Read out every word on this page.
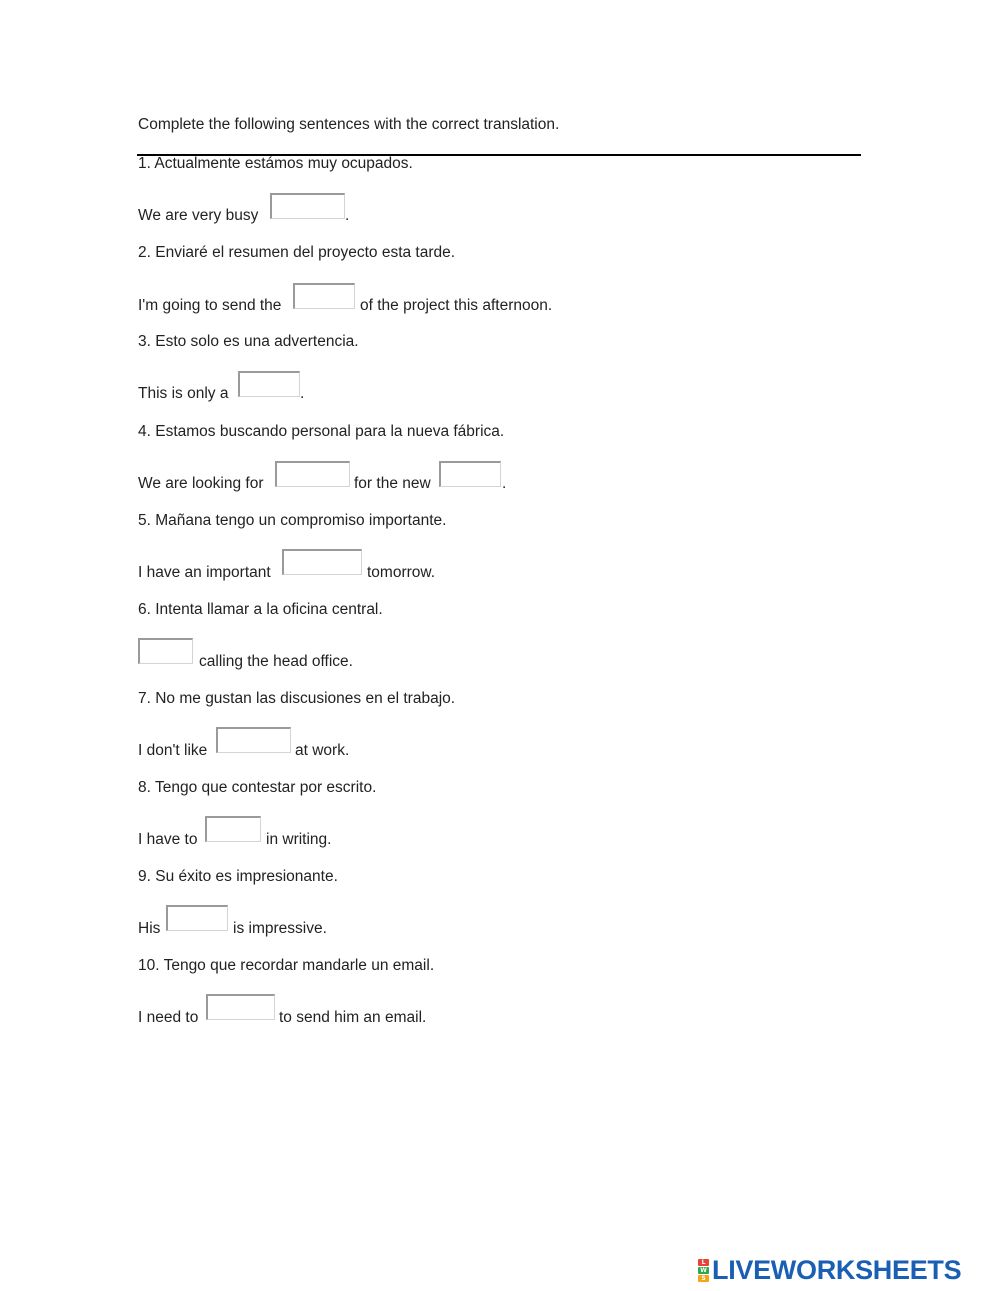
Complete the following sentences with the correct translation.
1. Actualmente estámos muy ocupados.
We are very busy	.
2. Enviaré el resumen del proyecto esta tarde.
I'm going to send the	of the project this afternoon.
3. Esto solo es una advertencia.
This is only a	.
4. Estamos buscando personal para la nueva fábrica.
We are looking for	for the new	.
5. Mañana tengo un compromiso importante.
I have an important	tomorrow.
6. Intenta llamar a la oficina central.
calling the head office.
7. No me gustan las discusiones en el trabajo.
I don't like	at work.
8. Tengo que contestar por escrito.
I have to	in writing.
9. Su éxito es impresionante.
His	is impressive.
10. Tengo que recordar mandarle un email.
I need to	to send him an email.
L
W
S LIVEWORKSHEETS
